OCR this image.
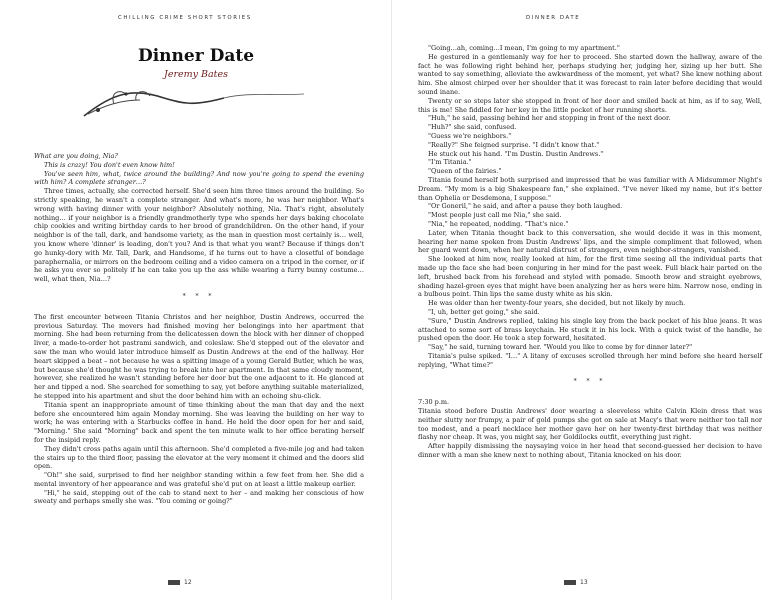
CHILLING CRIME SHORT STORIES
Dinner Date
Jeremy Bates

What are you doing, Nia?

This is crazy! You don't even know him!

You've seen him, what, twice around the building? And now you're going to spend the evening with him? A complete stranger…?

Three times, actually, she corrected herself. She'd seen him three times around the building. So strictly speaking, he wasn't a complete stranger. And what's more, he was her neighbor. What's wrong with having dinner with your neighbor? Absolutely nothing, Nia. That's right, absolutely nothing… if your neighbor is a friendly grandmotherly type who spends her days baking chocolate chip cookies and writing birthday cards to her brood of grandchildren. On the other hand, if your neighbor is of the tall, dark, and handsome variety, as the man in question most certainly is… well, you know where 'dinner' is leading, don't you? And is that what you want? Because if things don't go hunky-dory with Mr. Tall, Dark, and Handsome, if he turns out to have a closetful of bondage paraphernalia, or mirrors on the bedroom ceiling and a video camera on a tripod in the corner, or if he asks you ever so politely if he can take you up the ass while wearing a furry bunny costume…well, what then, Nia…?

* * *

The first encounter between Titania Christos and her neighbor, Dustin Andrews, occurred the previous Saturday. The movers had finished moving her belongings into her apartment that morning. She had been returning from the delicatessen down the block with her dinner of chopped liver, a made-to-order hot pastrami sandwich, and coleslaw. She'd stepped out of the elevator and saw the man who would later introduce himself as Dustin Andrews at the end of the hallway. Her heart skipped a beat – not because he was a spitting image of a young Gerald Butler, which he was, but because she'd thought he was trying to break into her apartment. In that same cloudy moment, however, she realized he wasn't standing before her door but the one adjacent to it. He glanced at her and tipped a nod. She searched for something to say, yet before anything suitable materialized, he stepped into his apartment and shut the door behind him with an echoing shu-click.

Titania spent an inappropriate amount of time thinking about the man that day and the next before she encountered him again Monday morning. She was leaving the building on her way to work; he was entering with a Starbucks coffee in hand. He held the door open for her and said, "Morning." She said "Morning" back and spent the ten minute walk to her office berating herself for the insipid reply.

They didn't cross paths again until this afternoon. She'd completed a five-mile jog and had taken the stairs up to the third floor, passing the elevator at the very moment it chimed and the doors slid open.

"Oh!" she said, surprised to find her neighbor standing within a few feet from her. She did a mental inventory of her appearance and was grateful she'd put on at least a little makeup earlier.

"Hi," he said, stepping out of the cab to stand next to her – and making her conscious of how sweaty and perhaps smelly she was. "You coming or going?"

12
DINNER DATE

"Going…ah, coming…I mean, I'm going to my apartment."

He gestured in a gentlemanly way for her to proceed. She started down the hallway, aware of the fact he was following right behind her, perhaps studying her, judging her, sizing up her butt. She wanted to say something, alleviate the awkwardness of the moment, yet what? She knew nothing about him. She almost chirped over her shoulder that it was forecast to rain later before deciding that would sound inane.

Twenty or so steps later she stopped in front of her door and smiled back at him, as if to say, Well, this is me! She fiddled for her key in the little pocket of her running shorts.

"Huh," he said, passing behind her and stopping in front of the next door.

"Huh?" she said, confused.

"Guess we're neighbors."

"Really?" She feigned surprise. "I didn't know that."

He stuck out his hand. "I'm Dustin. Dustin Andrews."

"I'm Titania."

"Queen of the fairies."

Titania found herself both surprised and impressed that he was familiar with A Midsummer Night's Dream. "My mom is a big Shakespeare fan," she explained. "I've never liked my name, but it's better than Ophelia or Desdemona, I suppose."

"Or Goneril," he said, and after a pause they both laughed.

"Most people just call me Nia," she said.

"Nia," he repeated, nodding. "That's nice."

Later, when Titania thought back to this conversation, she would decide it was in this moment, hearing her name spoken from Dustin Andrews' lips, and the simple compliment that followed, when her guard went down, when her natural distrust of strangers, even neighbor-strangers, vanished.

She looked at him now, really looked at him, for the first time seeing all the individual parts that made up the face she had been conjuring in her mind for the past week. Full black hair parted on the left, brushed back from his forehead and styled with pomade. Smooth brow and straight eyebrows, shading hazel-green eyes that might have been analyzing her as hers were him. Narrow nose, ending in a bulbous point. Thin lips the same dusty white as his skin.

He was older than her twenty-four years, she decided, but not likely by much.

"I, uh, better get going," she said.

"Sure," Dustin Andrews replied, taking his single key from the back pocket of his blue jeans. It was attached to some sort of brass keychain. He stuck it in his lock. With a quick twist of the handle, he pushed open the door. He took a step forward, hesitated.

"Say," he said, turning toward her. "Would you like to come by for dinner later?"

Titania's pulse spiked. "I…" A litany of excuses scrolled through her mind before she heard herself replying, "What time?"

* * *

7:30 p.m.

Titania stood before Dustin Andrews' door wearing a sleeveless white Calvin Klein dress that was neither slutty nor frumpy, a pair of gold pumps she got on sale at Macy's that were neither too tall nor too modest, and a pearl necklace her mother gave her on her twenty-first birthday that was neither flashy nor cheap. It was, you might say, her Goldilocks outfit, everything just right.

After happily dismissing the naysaying voice in her head that second-guessed her decision to have dinner with a man she knew next to nothing about, Titania knocked on his door.

13
